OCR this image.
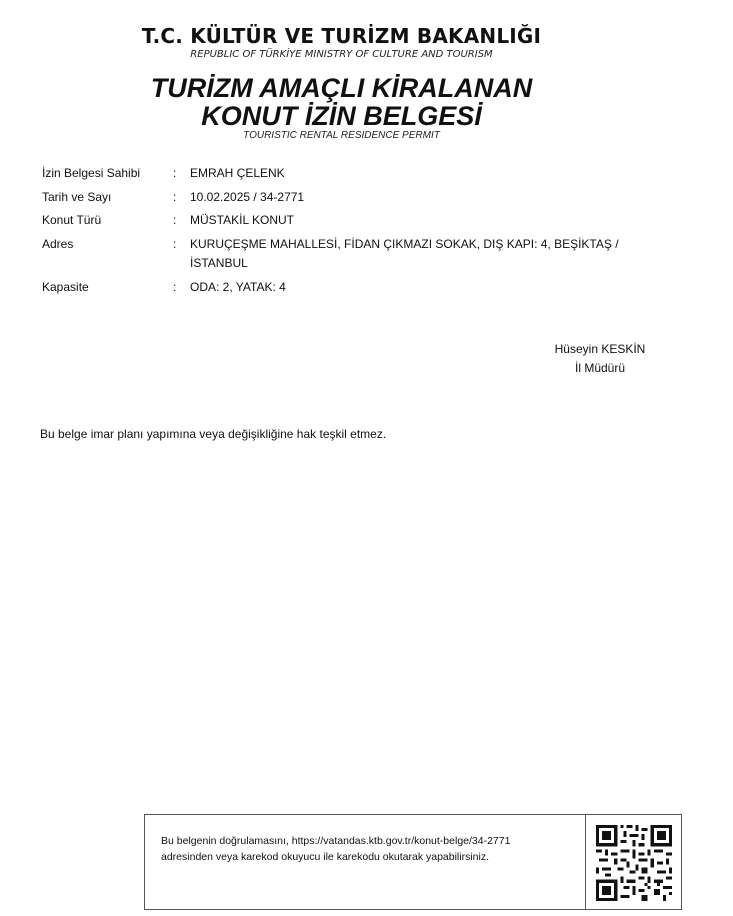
T.C. KÜLTÜR VE TURİZM BAKANLIĞI
REPUBLIC OF TÜRKİYE MINISTRY OF CULTURE AND TOURISM
TURİZM AMAÇLI KİRALANAN
KONUT İZİN BELGESİ
TOURISTIC RENTAL RESIDENCE PERMIT
İzin Belgesi Sahibi	: EMRAH ÇELENK
Tarih ve Sayı	: 10.02.2025 / 34-2771
Konut Türü	: MÜSTAKİL KONUT
Adres	: KURUÇEŞME MAHALLESİ, FİDAN ÇIKMAZI SOKAK, DIŞ KAPI: 4, BEŞİKTAŞ / İSTANBUL
Kapasite	: ODA: 2, YATAK: 4
Hüseyin KESKİN
İl Müdürü
Bu belge imar planı yapımına veya değişikliğine hak teşkil etmez.
Bu belgenin doğrulamasını, https://vatandas.ktb.gov.tr/konut-belge/34-2771
adresinden veya karekod okuyucu ile karekodu okutarak yapabilirsiniz.
